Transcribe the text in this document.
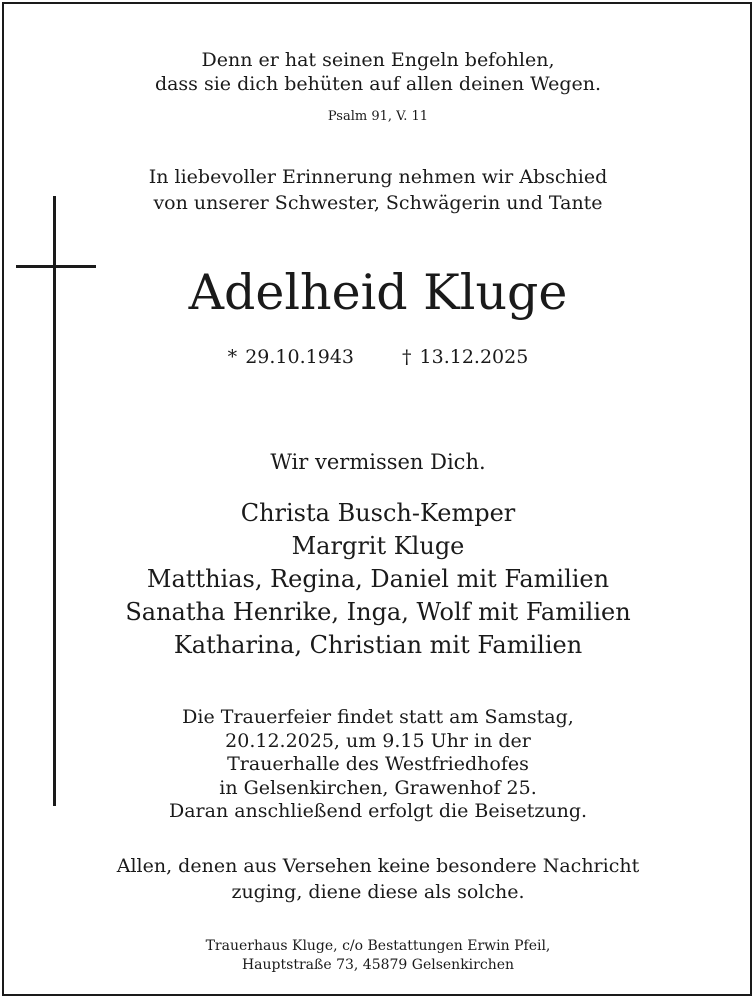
Denn er hat seinen Engeln befohlen,
dass sie dich behüten auf allen deinen Wegen.
Psalm 91, V. 11
In liebevoller Erinnerung nehmen wir Abschied
von unserer Schwester, Schwägerin und Tante
Adelheid Kluge
* 29.10.1943	† 13.12.2025
Wir vermissen Dich.
Christa Busch-Kemper
Margrit Kluge
Matthias, Regina, Daniel mit Familien
Sanatha Henrike, Inga, Wolf mit Familien
Katharina, Christian mit Familien
Die Trauerfeier findet statt am Samstag,
20.12.2025, um 9.15 Uhr in der
Trauerhalle des Westfriedhofes
in Gelsenkirchen, Grawenhof 25.
Daran anschließend erfolgt die Beisetzung.
Allen, denen aus Versehen keine besondere Nachricht
zuging, diene diese als solche.
Trauerhaus Kluge, c/o Bestattungen Erwin Pfeil,
Hauptstraße 73, 45879 Gelsenkirchen
